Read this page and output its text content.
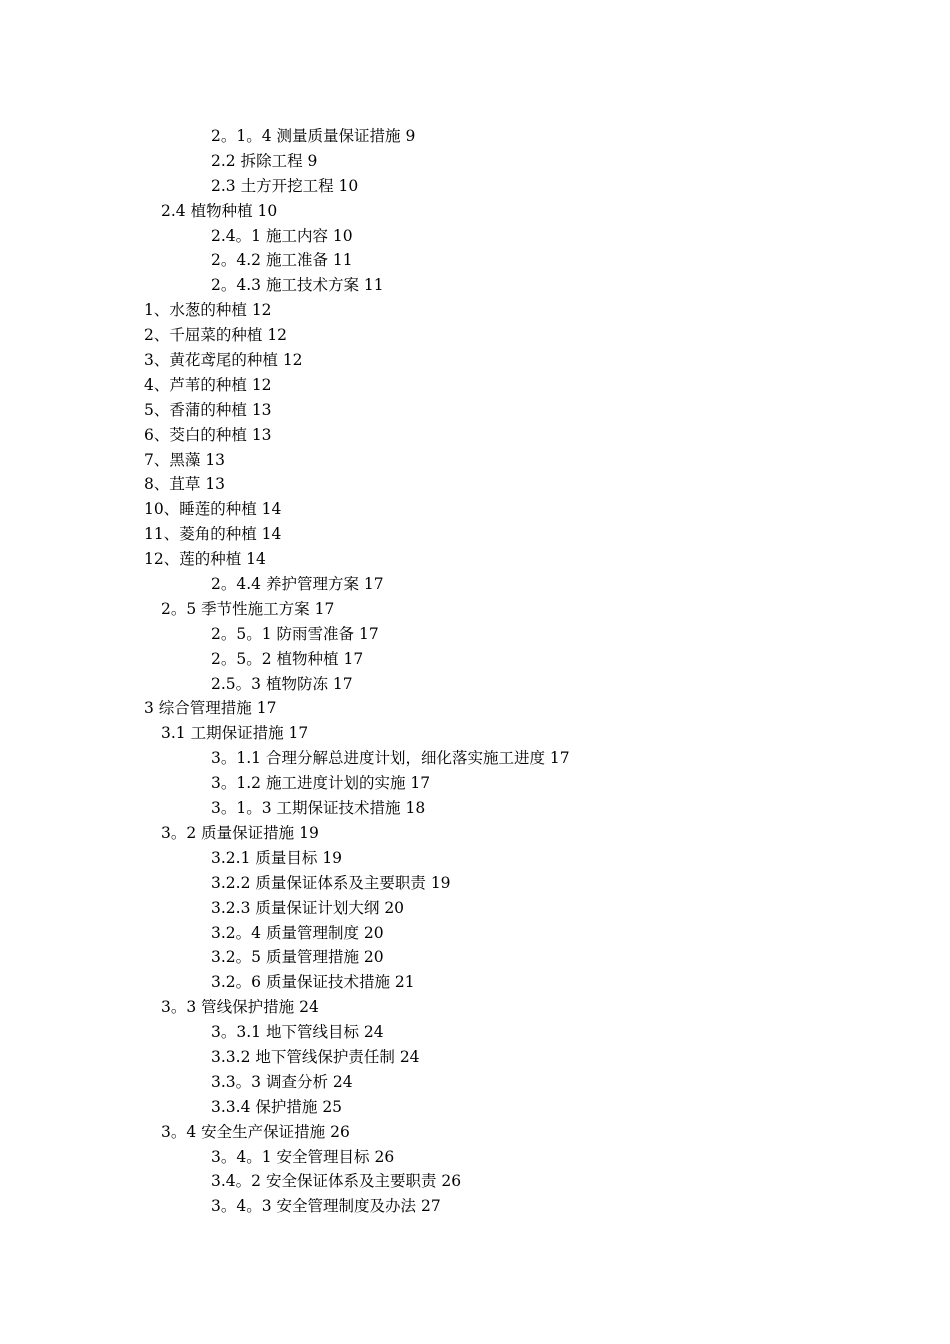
2。1。4 测量质量保证措施 9
2.2 拆除工程 9
2.3 土方开挖工程 10
2.4 植物种植 10
2.4。1 施工内容 10
2。4.2 施工准备 11
2。4.3 施工技术方案 11
1、水葱的种植 12
2、千屈菜的种植 12
3、黄花鸢尾的种植 12
4、芦苇的种植 12
5、香蒲的种植 13
6、茭白的种植 13
7、黑藻 13
8、苴草 13
10、睡莲的种植 14
11、菱角的种植 14
12、莲的种植 14
2。4.4 养护管理方案 17
2。5 季节性施工方案 17
2。5。1 防雨雪准备 17
2。5。2 植物种植 17
2.5。3 植物防冻 17
3 综合管理措施 17
3.1 工期保证措施 17
3。1.1 合理分解总进度计划，细化落实施工进度 17
3。1.2 施工进度计划的实施 17
3。1。3 工期保证技术措施 18
3。2 质量保证措施 19
3.2.1 质量目标 19
3.2.2 质量保证体系及主要职责 19
3.2.3 质量保证计划大纲 20
3.2。4 质量管理制度 20
3.2。5 质量管理措施 20
3.2。6 质量保证技术措施 21
3。3 管线保护措施 24
3。3.1 地下管线目标 24
3.3.2 地下管线保护责任制 24
3.3。3 调查分析 24
3.3.4 保护措施 25
3。4 安全生产保证措施 26
3。4。1 安全管理目标 26
3.4。2 安全保证体系及主要职责 26
3。4。3 安全管理制度及办法 27
